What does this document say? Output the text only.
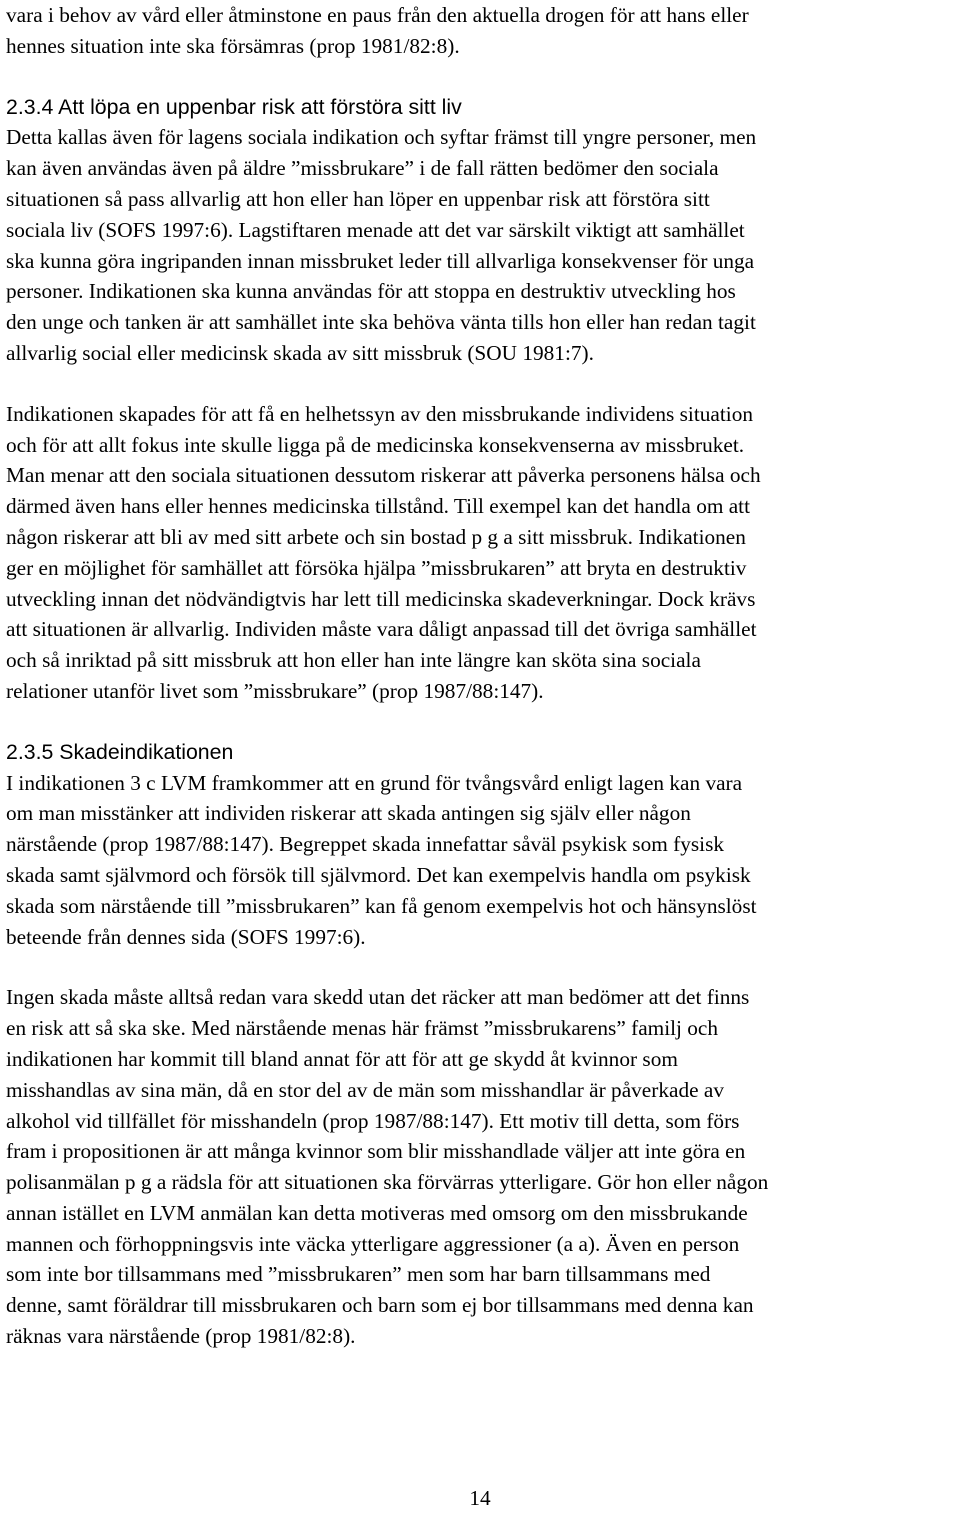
vara i behov av vård eller åtminstone en paus från den aktuella drogen för att hans eller
hennes situation inte ska försämras (prop 1981/82:8).

2.3.4 Att löpa en uppenbar risk att förstöra sitt liv

Detta kallas även för lagens sociala indikation och syftar främst till yngre personer, men
kan även användas även på äldre ”missbrukare” i de fall rätten bedömer den sociala
situationen så pass allvarlig att hon eller han löper en uppenbar risk att förstöra sitt
sociala liv (SOFS 1997:6). Lagstiftaren menade att det var särskilt viktigt att samhället
ska kunna göra ingripanden innan missbruket leder till allvarliga konsekvenser för unga
personer. Indikationen ska kunna användas för att stoppa en destruktiv utveckling hos
den unge och tanken är att samhället inte ska behöva vänta tills hon eller han redan tagit
allvarlig social eller medicinsk skada av sitt missbruk (SOU 1981:7).

Indikationen skapades för att få en helhetssyn av den missbrukande individens situation
och för att allt fokus inte skulle ligga på de medicinska konsekvenserna av missbruket.
Man menar att den sociala situationen dessutom riskerar att påverka personens hälsa och
därmed även hans eller hennes medicinska tillstånd. Till exempel kan det handla om att
någon riskerar att bli av med sitt arbete och sin bostad p g a sitt missbruk. Indikationen
ger en möjlighet för samhället att försöka hjälpa ”missbrukaren” att bryta en destruktiv
utveckling innan det nödvändigtvis har lett till medicinska skadeverkningar. Dock krävs
att situationen är allvarlig. Individen måste vara dåligt anpassad till det övriga samhället
och så inriktad på sitt missbruk att hon eller han inte längre kan sköta sina sociala
relationer utanför livet som ”missbrukare” (prop 1987/88:147).

2.3.5 Skadeindikationen

I indikationen 3 c LVM framkommer att en grund för tvångsvård enligt lagen kan vara
om man misstänker att individen riskerar att skada antingen sig själv eller någon
närstående (prop 1987/88:147). Begreppet skada innefattar såväl psykisk som fysisk
skada samt självmord och försök till självmord. Det kan exempelvis handla om psykisk
skada som närstående till ”missbrukaren” kan få genom exempelvis hot och hänsynslöst
beteende från dennes sida (SOFS 1997:6).

Ingen skada måste alltså redan vara skedd utan det räcker att man bedömer att det finns
en risk att så ska ske. Med närstående menas här främst ”missbrukarens” familj och
indikationen har kommit till bland annat för att för att ge skydd åt kvinnor som
misshandlas av sina män, då en stor del av de män som misshandlar är påverkade av
alkohol vid tillfället för misshandeln (prop 1987/88:147). Ett motiv till detta, som förs
fram i propositionen är att många kvinnor som blir misshandlade väljer att inte göra en
polisanmälan p g a rädsla för att situationen ska förvärras ytterligare. Gör hon eller någon
annan istället en LVM anmälan kan detta motiveras med omsorg om den missbrukande
mannen och förhoppningsvis inte väcka ytterligare aggressioner (a a). Även en person
som inte bor tillsammans med ”missbrukaren” men som har barn tillsammans med
denne, samt föräldrar till missbrukaren och barn som ej bor tillsammans med denna kan
räknas vara närstående (prop 1981/82:8).

14
